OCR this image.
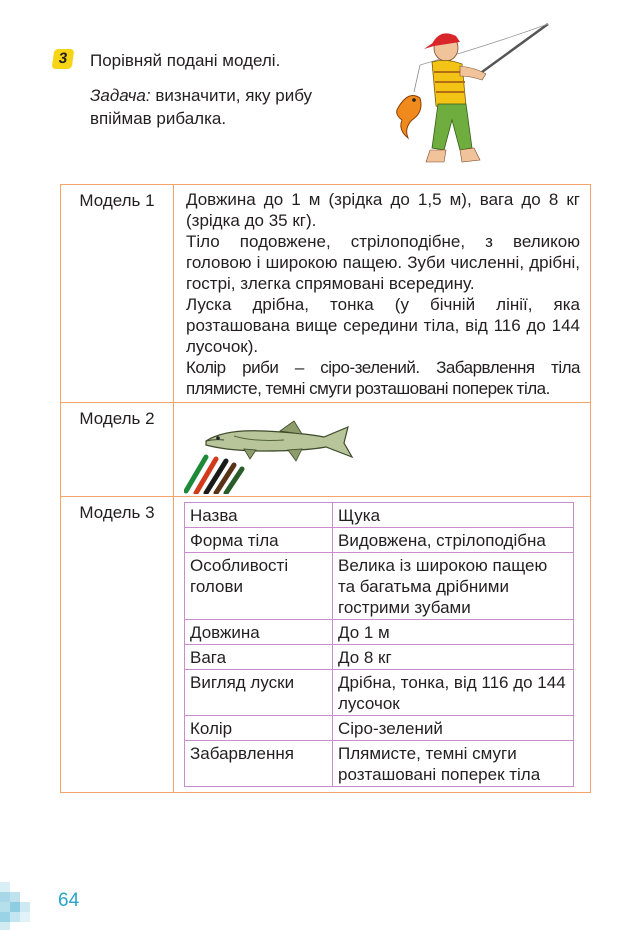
3	Порівняй подані моделі.
Задача: визначити, яку рибу впіймав рибалка.
Модель 1	Довжина до 1 м (зрідка до 1,5 м), вага до 8 кг (зрідка до 35 кг).

Тіло подовжене, стрілоподібне, з великою головою і широкою пащею. Зуби численні, дрібні, гострі, злегка спрямовані всередину.

Луска дрібна, тонка (у бічній лінії, яка розташована вище середини тіла, від 116 до 144 лусочок).

Колір риби – сіро-зелений. Забарвлення тіла плямисте, темні смуги розташовані поперек тіла.

Модель 2	

Модель 3	Назва	Щука
Форма тіла	Видовжена, стрілоподібна
Особливості голови	Велика із широкою пащею та багатьма дрібними гострими зубами
Довжина	До 1 м
Вага	До 8 кг
Вигляд луски	Дрібна, тонка, від 116 до 144 лусочок
Колір	Сіро-зелений
Забарвлення	Плямисте, темні смуги розташовані поперек тіла
64
